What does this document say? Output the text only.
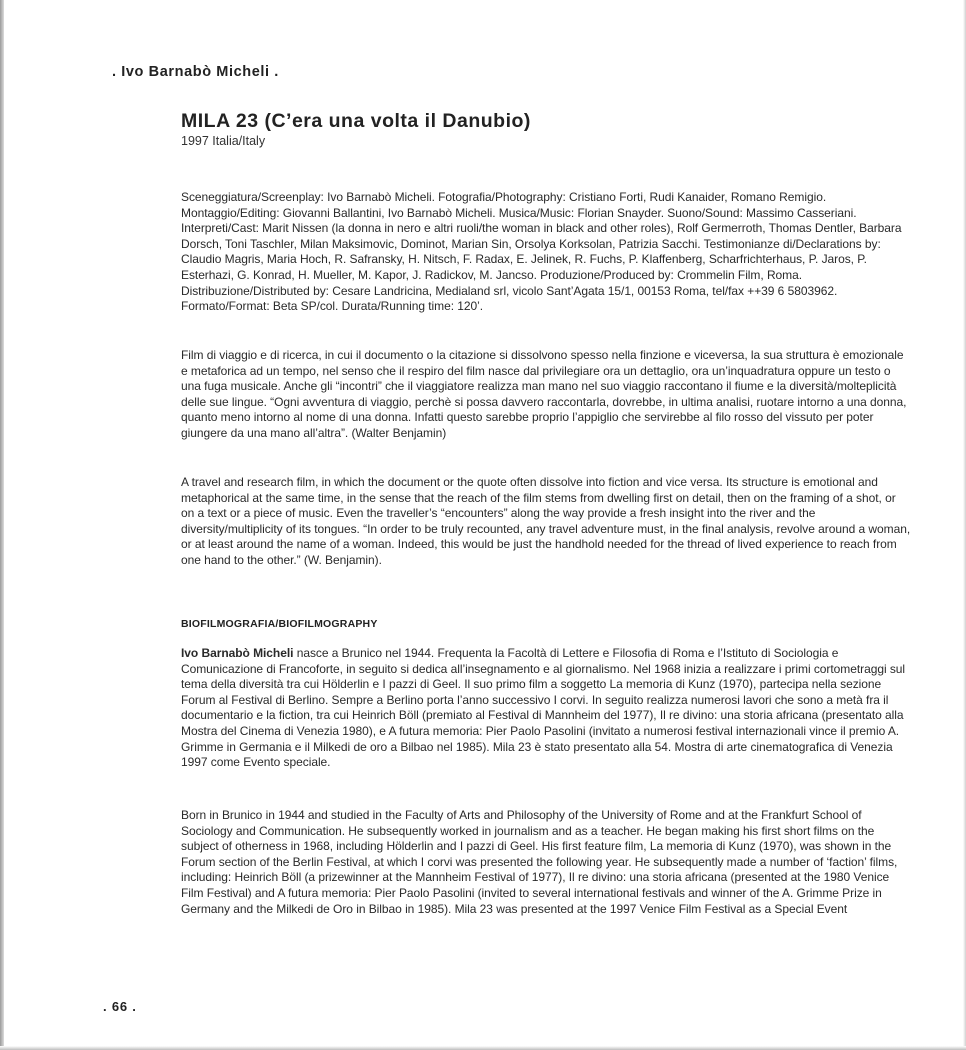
. Ivo Barnabò Micheli .
MILA 23 (C’era una volta il Danubio)
1997 Italia/Italy

Sceneggiatura/Screenplay: Ivo Barnabò Micheli. Fotografia/Photography: Cristiano Forti, Rudi Kanaider, Romano Remigio. Montaggio/Editing: Giovanni Ballantini, Ivo Barnabò Micheli. Musica/Music: Florian Snayder. Suono/Sound: Massimo Casseriani. Interpreti/Cast: Marit Nissen (la donna in nero e altri ruoli/the woman in black and other roles), Rolf Germerroth, Thomas Dentler, Barbara Dorsch, Toni Taschler, Milan Maksimovic, Dominot, Marian Sin, Orsolya Korksolan, Patrizia Sacchi. Testimonianze di/Declarations by: Claudio Magris, Maria Hoch, R. Safransky, H. Nitsch, F. Radax, E. Jelinek, R. Fuchs, P. Klaffenberg, Scharfrichterhaus, P. Jaros, P. Esterhazi, G. Konrad, H. Mueller, M. Kapor, J. Radickov, M. Jancso. Produzione/Produced by: Crommelin Film, Roma. Distribuzione/Distributed by: Cesare Landricina, Medialand srl, vicolo Sant’Agata 15/1, 00153 Roma, tel/fax ++39 6 5803962. Formato/Format: Beta SP/col. Durata/Running time: 120’.

Film di viaggio e di ricerca, in cui il documento o la citazione si dissolvono spesso nella finzione e viceversa, la sua struttura è emozionale e metaforica ad un tempo, nel senso che il respiro del film nasce dal privilegiare ora un dettaglio, ora un’inquadratura oppure un testo o una fuga musicale. Anche gli “incontri” che il viaggiatore realizza man mano nel suo viaggio raccontano il fiume e la diversità/molteplicità delle sue lingue. “Ogni avventura di viaggio, perchè si possa davvero raccontarla, dovrebbe, in ultima analisi, ruotare intorno a una donna, quanto meno intorno al nome di una donna. Infatti questo sarebbe proprio l’appiglio che servirebbe al filo rosso del vissuto per poter giungere da una mano all’altra”. (Walter Benjamin)

A travel and research film, in which the document or the quote often dissolve into fiction and vice versa. Its structure is emotional and metaphorical at the same time, in the sense that the reach of the film stems from dwelling first on detail, then on the framing of a shot, or on a text or a piece of music. Even the traveller’s “encounters” along the way provide a fresh insight into the river and the diversity/multiplicity of its tongues. “In order to be truly recounted, any travel adventure must, in the final analysis, revolve around a woman, or at least around the name of a woman. Indeed, this would be just the handhold needed for the thread of lived experience to reach from one hand to the other.” (W. Benjamin).

BIOFILMOGRAFIA/BIOFILMOGRAPHY

Ivo Barnabò Micheli nasce a Brunico nel 1944. Frequenta la Facoltà di Lettere e Filosofia di Roma e l’Istituto di Sociologia e Comunicazione di Francoforte, in seguito si dedica all’insegnamento e al giornalismo. Nel 1968 inizia a realizzare i primi cortometraggi sul tema della diversità tra cui Hölderlin e I pazzi di Geel. Il suo primo film a soggetto La memoria di Kunz (1970), partecipa nella sezione Forum al Festival di Berlino. Sempre a Berlino porta l’anno successivo I corvi. In seguito realizza numerosi lavori che sono a metà fra il documentario e la fiction, tra cui Heinrich Böll (premiato al Festival di Mannheim del 1977), Il re divino: una storia africana (presentato alla Mostra del Cinema di Venezia 1980), e A futura memoria: Pier Paolo Pasolini (invitato a numerosi festival internazionali vince il premio A. Grimme in Germania e il Milkedi de oro a Bilbao nel 1985). Mila 23 è stato presentato alla 54. Mostra di arte cinematografica di Venezia 1997 come Evento speciale.

Born in Brunico in 1944 and studied in the Faculty of Arts and Philosophy of the University of Rome and at the Frankfurt School of Sociology and Communication. He subsequently worked in journalism and as a teacher. He began making his first short films on the subject of otherness in 1968, including Hölderlin and I pazzi di Geel. His first feature film, La memoria di Kunz (1970), was shown in the Forum section of the Berlin Festival, at which I corvi was presented the following year. He subsequently made a number of ‘faction’ films, including: Heinrich Böll (a prizewinner at the Mannheim Festival of 1977), Il re divino: una storia africana (presented at the 1980 Venice Film Festival) and A futura memoria: Pier Paolo Pasolini (invited to several international festivals and winner of the A. Grimme Prize in Germany and the Milkedi de Oro in Bilbao in 1985). Mila 23 was presented at the 1997 Venice Film Festival as a Special Event

. 66 .
